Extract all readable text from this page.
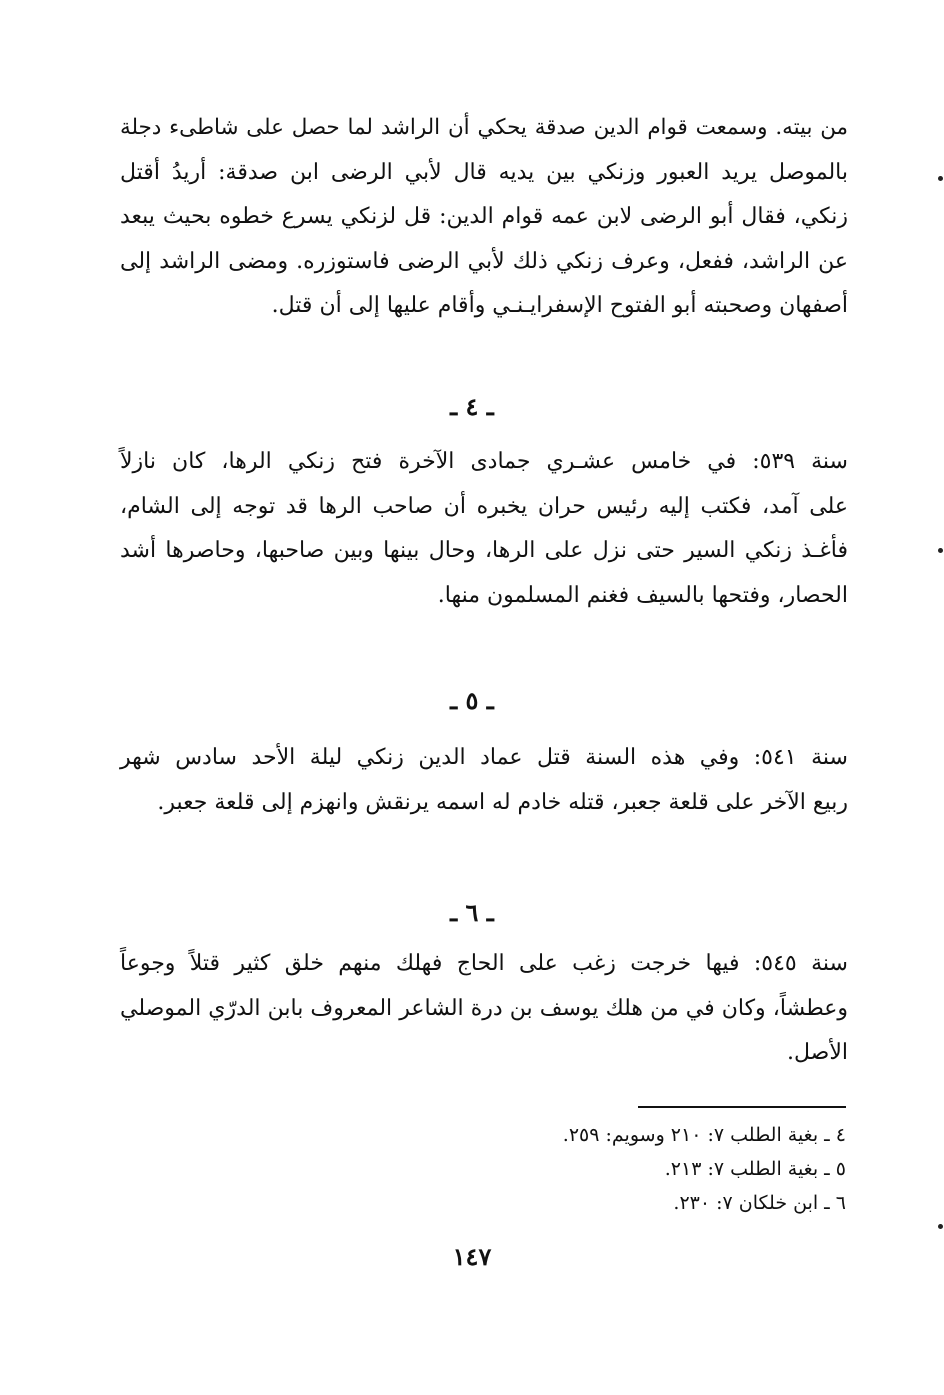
من بيته. وسمعت قوام الدين صدقة يحكي أن الراشد لما حصل على شاطىء دجلة
بالموصل يريد العبور وزنكي بين يديه قال لأبي الرضى ابن صدقة: أريدُ أقتل
زنكي، فقال أبو الرضى لابن عمه قوام الدين: قل لزنكي يسرع خطوه بحيث يبعد
عن الراشد، ففعل، وعرف زنكي ذلك لأبي الرضى فاستوزره. ومضى الراشد إلى
أصفهان وصحبته أبو الفتوح الإسفرايـنـي وأقام عليها إلى أن قتل.
ـ ٤ ـ
سنة ٥٣٩: في خامس عشـري جمادى الآخرة فتح زنكي الرها، كان نازلاً
على آمد، فكتب إليه رئيس حران يخبره أن صاحب الرها قد توجه إلى الشام،
فأغـذ زنكي السير حتى نزل على الرها، وحال بينها وبين صاحبها، وحاصرها أشد
الحصار، وفتحها بالسيف فغنم المسلمون منها.
ـ ٥ ـ
سنة ٥٤١: وفي هذه السنة قتل عماد الدين زنكي ليلة الأحد سادس شهر
ربيع الآخر على قلعة جعبر، قتله خادم له اسمه يرنقش وانهزم إلى قلعة جعبر.
ـ ٦ ـ
سنة ٥٤٥: فيها خرجت زغب على الحاج فهلك منهم خلق كثير قتلاً وجوعاً
وعطشاً، وكان في من هلك يوسف بن درة الشاعر المعروف بابن الدرّي الموصلي
الأصل.
٤ ـ بغية الطلب ٧: ٢١٠ وسويم: ٢٥٩.
٥ ـ بغية الطلب ٧: ٢١٣.
٦ ـ ابن خلكان ٧: ٢٣٠.
١٤٧
